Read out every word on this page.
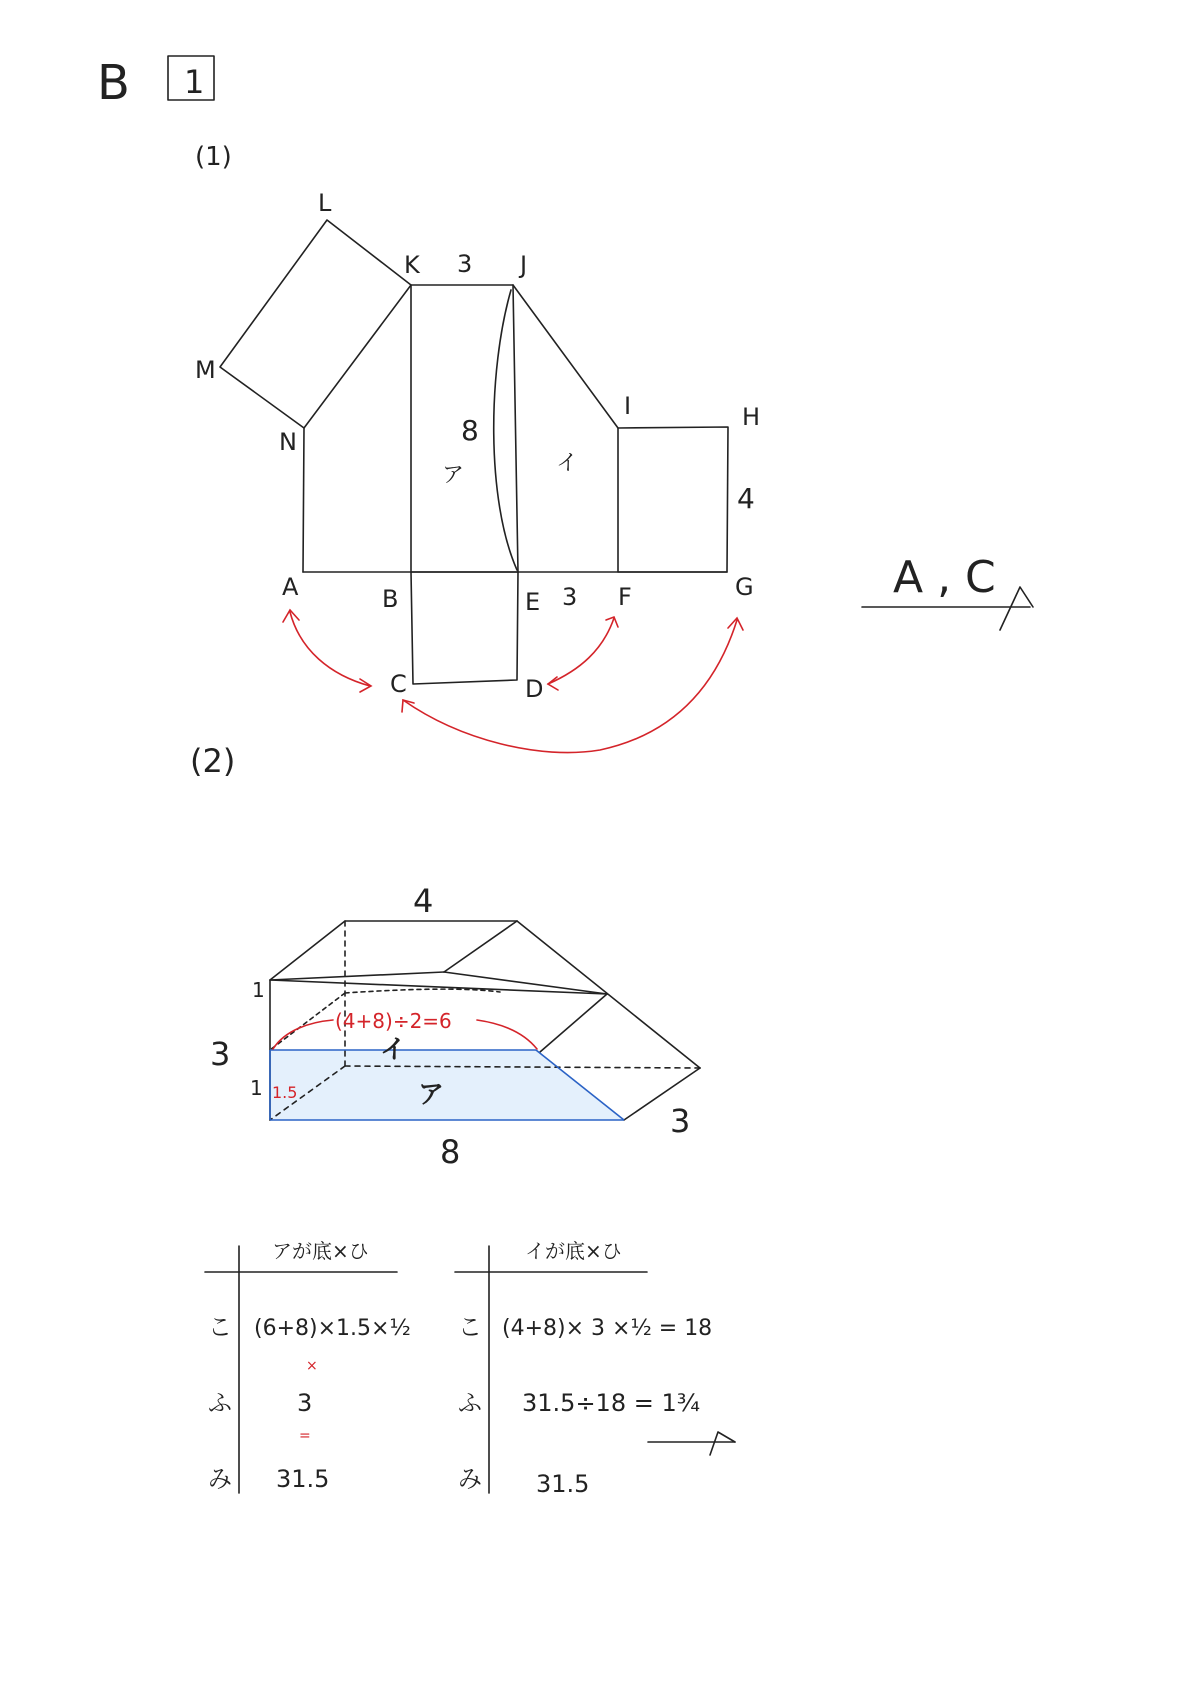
B 1
(1)
L
K	J
M
N
I	H
A	B	E	F	G
C	D
3
3
4
8
ア	イ
A , C
(2)
4
3
8
3
1
1
イ
ア
(4+8)÷2=6
1.5
アが底×ひ
こ (6+8)×1.5×½
×
ふ	3
=
み 31.5
イが底×ひ
こ (4+8)× 3 ×½ = 18
ふ 31.5÷18 = 1¾
み 31.5
